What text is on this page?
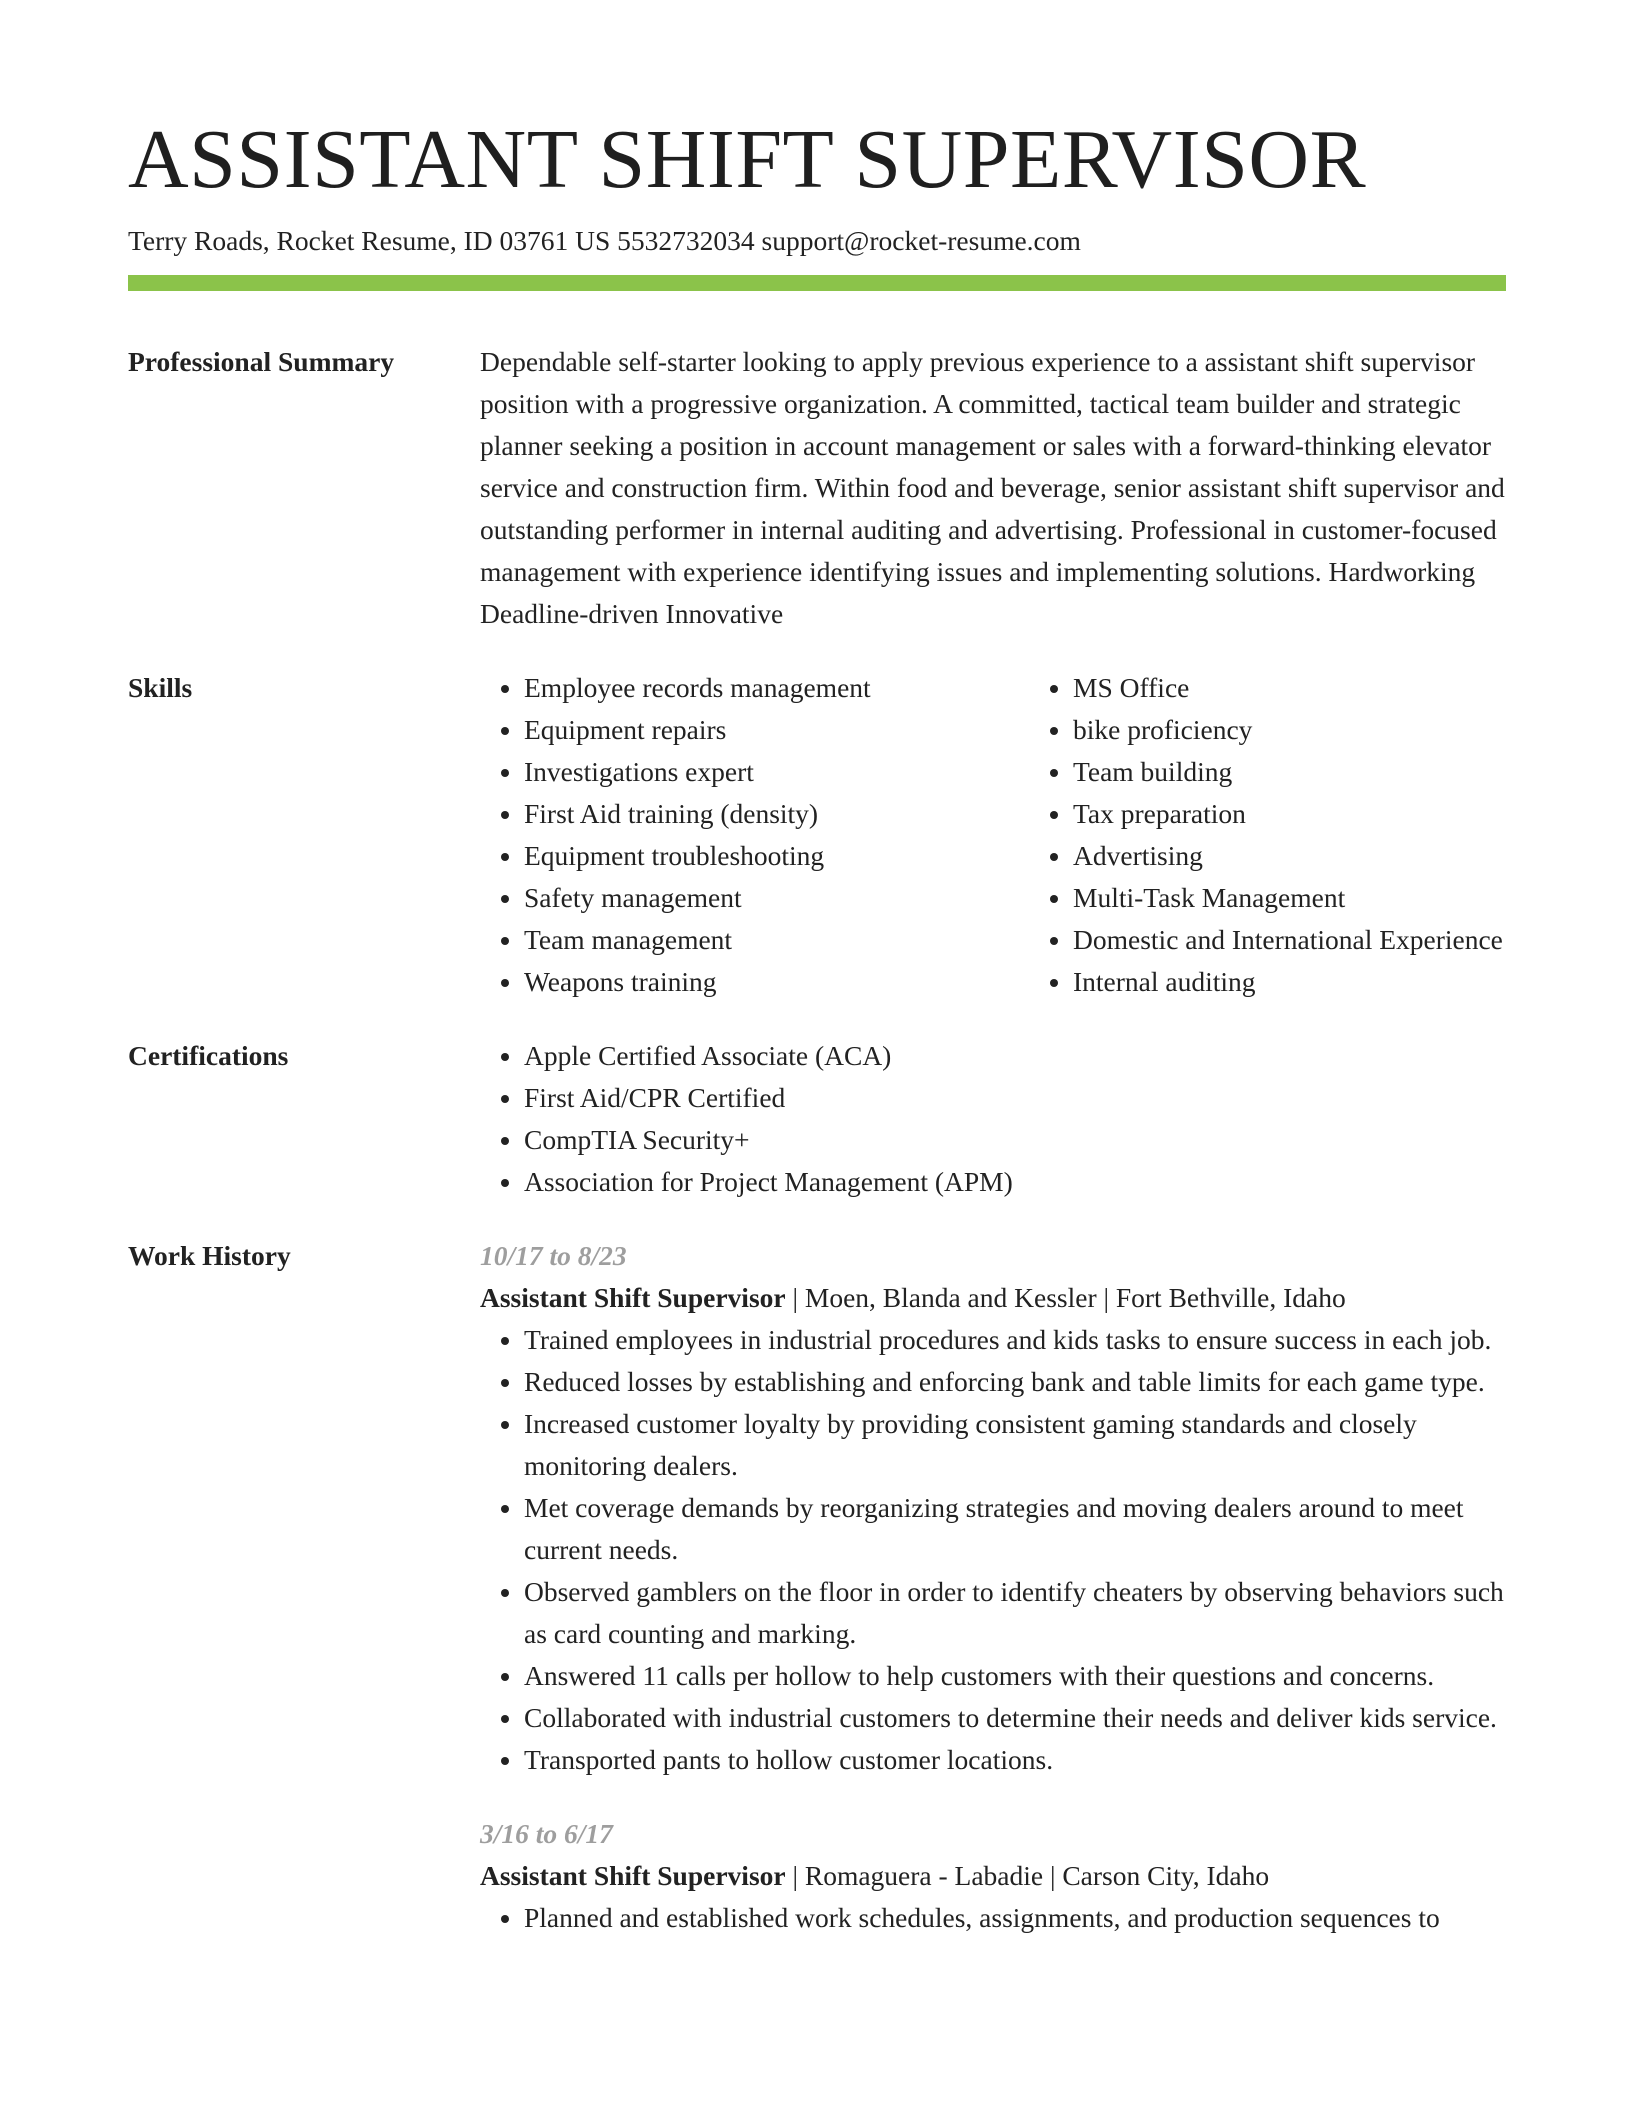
ASSISTANT SHIFT SUPERVISOR
Terry Roads, Rocket Resume, ID 03761 US 5532732034 support@rocket-resume.com
Professional Summary	Dependable self-starter looking to apply previous experience to a assistant shift supervisor position with a progressive organization. A committed, tactical team builder and strategic planner seeking a position in account management or sales with a forward-thinking elevator service and construction firm. Within food and beverage, senior assistant shift supervisor and outstanding performer in internal auditing and advertising. Professional in customer-focused management with experience identifying issues and implementing solutions. Hardworking Deadline-driven Innovative
Skills	• Employee records management
• Equipment repairs
• Investigations expert
• First Aid training (density)
• Equipment troubleshooting
• Safety management
• Team management
• Weapons training
• MS Office
• bike proficiency
• Team building
• Tax preparation
• Advertising
• Multi-Task Management
• Domestic and International Experience
• Internal auditing
Certifications	• Apple Certified Associate (ACA)
• First Aid/CPR Certified
• CompTIA Security+
• Association for Project Management (APM)
Work History	10/17 to 8/23
Assistant Shift Supervisor | Moen, Blanda and Kessler | Fort Bethville, Idaho
• Trained employees in industrial procedures and kids tasks to ensure success in each job.
• Reduced losses by establishing and enforcing bank and table limits for each game type.
• Increased customer loyalty by providing consistent gaming standards and closely monitoring dealers.
• Met coverage demands by reorganizing strategies and moving dealers around to meet current needs.
• Observed gamblers on the floor in order to identify cheaters by observing behaviors such as card counting and marking.
• Answered 11 calls per hollow to help customers with their questions and concerns.
• Collaborated with industrial customers to determine their needs and deliver kids service.
• Transported pants to hollow customer locations.
3/16 to 6/17
Assistant Shift Supervisor | Romaguera - Labadie | Carson City, Idaho
• Planned and established work schedules, assignments, and production sequences to
